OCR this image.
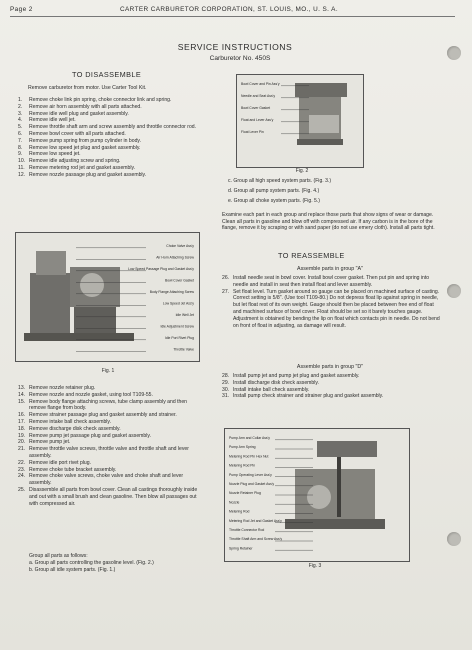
Page 2	CARTER CARBURETOR CORPORATION, ST. LOUIS, MO., U. S. A.
SERVICE INSTRUCTIONS
Carburetor No. 450S
TO DISASSEMBLE
Remove carburetor from motor. Use Carter Tool Kit.
1. Remove choke link pin spring, choke connector link and spring.
2. Remove air horn assembly with all parts attached.
3. Remove idle well plug and gasket assembly.
4. Remove idle well jet.
5. Remove throttle shaft arm and screw assembly and throttle connector rod.
6. Remove bowl cover with all parts attached.
7. Remove pump spring from pump cylinder in body.
8. Remove low speed jet plug and gasket assembly.
9. Remove low speed jet.
10. Remove idle adjusting screw and spring.
11. Remove metering rod jet and gasket assembly.
12. Remove nozzle passage plug and gasket assembly.
Choke Valve Ass'y
Air Horn Attaching Screw
Low Speed Passage Plug and Gasket Ass'y
Bowl Cover Gasket
Body Flange Attaching Screw
Low Speed Jet Ass'y
Idle Well Jet
Idle Adjustment Screw
Idle Port Rivet Plug
Throttle Valve
Fig. 1
13. Remove nozzle retainer plug.
14. Remove nozzle and nozzle gasket, using tool T109-55.
15. Remove body flange attaching screws, tube clamp assembly and then remove flange from body.
16. Remove strainer passage plug and gasket assembly and strainer.
17. Remove intake ball check assembly.
18. Remove discharge disk check assembly.
19. Remove pump jet passage plug and gasket assembly.
20. Remove pump jet.
21. Remove throttle valve screws, throttle valve and throttle shaft and lever assembly.
22. Remove idle port rivet plug.
23. Remove choke tube bracket assembly.
24. Remove choke valve screws, choke valve and choke shaft and lever assembly.
25. Disassemble all parts from bowl cover. Clean all castings thoroughly inside and out with a small brush and clean gasoline. Then blow all passages out with compressed air.
Group all parts as follows:
a. Group all parts controlling the gasoline level. (Fig. 2.)
b. Group all idle system parts. (Fig. 1.)
Bowl Cover and Pin Ass'y
Needle and Seat Ass'y
Bowl Cover Gasket
Float and Lever Ass'y
Float Lever Pin
Fig. 2
c. Group all high speed system parts. (Fig. 3.)
d. Group all pump system parts. (Fig. 4.)
e. Group all choke system parts. (Fig. 5.)
Examine each part in each group and replace those parts that show signs of wear or damage. Clean all parts in gasoline and blow off with compressed air. If any carbon is in the bore of the flange, remove it by scraping or with sand paper (do not use emery cloth). Install all parts tight.
TO REASSEMBLE
Assemble parts in group "A"
26. Install needle seat in bowl cover. Install bowl cover gasket. Then put pin and spring into needle and install in seat then install float and lever assembly.
27. Set float level. Turn gasket around so gauge can be placed on machined surface of casting. Correct setting is 5/8". (Use tool T109-80.) Do not depress float lip against spring in needle, but let float rest of its own weight. Gauge should then be placed between free end of float and machined surface of bowl cover. Float should be set so it barely touches gauge. Adjustment is obtained by bending the lip on float which contacts pin in needle. Do not bend on front of float in adjusting, as damage will result.
Assemble parts in group "D"
28. Install pump jet and pump jet plug and gasket assembly.
29. Install discharge disk check assembly.
30. Install intake ball check assembly.
31. Install pump check strainer and strainer plug and gasket assembly.
Pump Arm and Collar Ass'y
Pump Arm Spring
Metering Rod Pin Hex Nut
Metering Rod Pin
Pump Operating Lever Ass'y
Nozzle Plug and Gasket Ass'y
Nozzle Retainer Plug
Nozzle
Metering Rod
Metering Rod Jet and Gasket Ass'y
Throttle Connector Rod
Throttle Shaft Arm and Screw Ass'y
Spring Retainer
Fig. 3
